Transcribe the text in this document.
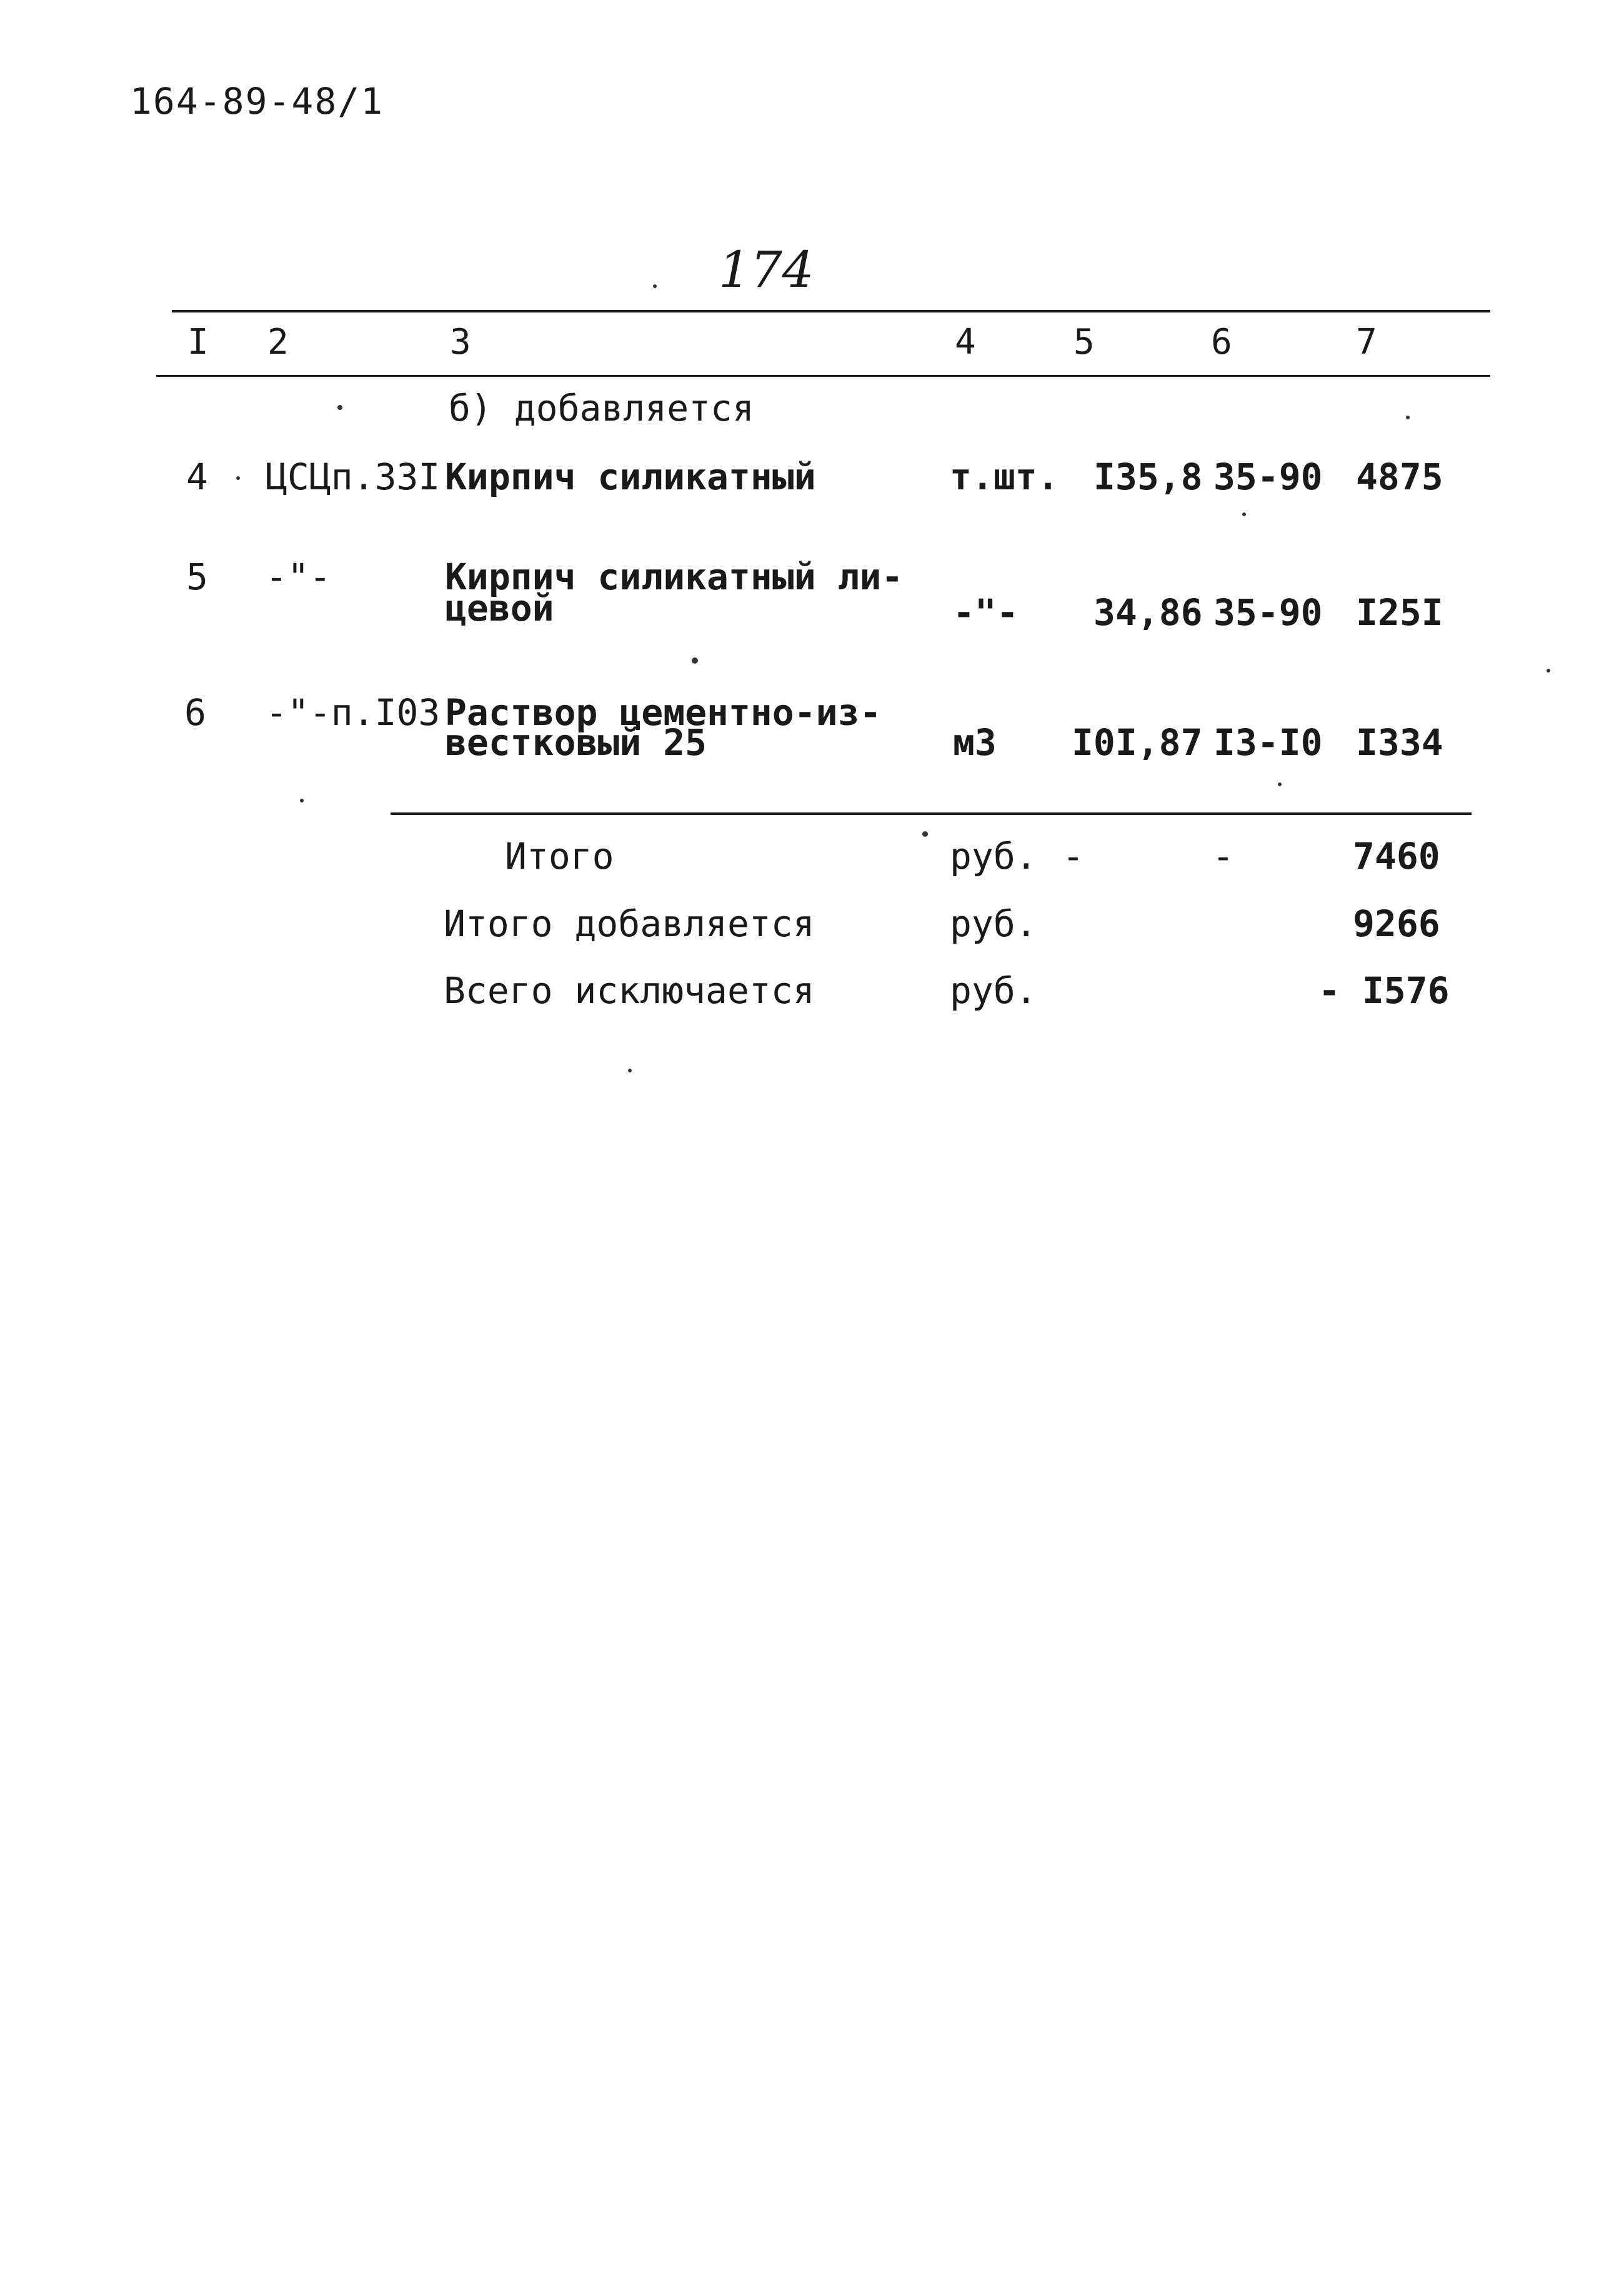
164-89-48/1
174
I 2	3	4	5	6	7
б) добавляется
4 ЦСЦп.33I Кирпич силикатный	т.шт. I35,8 35-90 4875
5 -"-	Кирпич силикатный ли-
цевой	-"- 34,86 35-90 I25I
6 -"-п.I03 Раствор цементно-из-
вестковый 25	м3 I0I,87 I3-I0 I334
Итого	руб. -	-	7460
Итого добавляется	руб.	9266
Всего исключается	руб.	- I576
